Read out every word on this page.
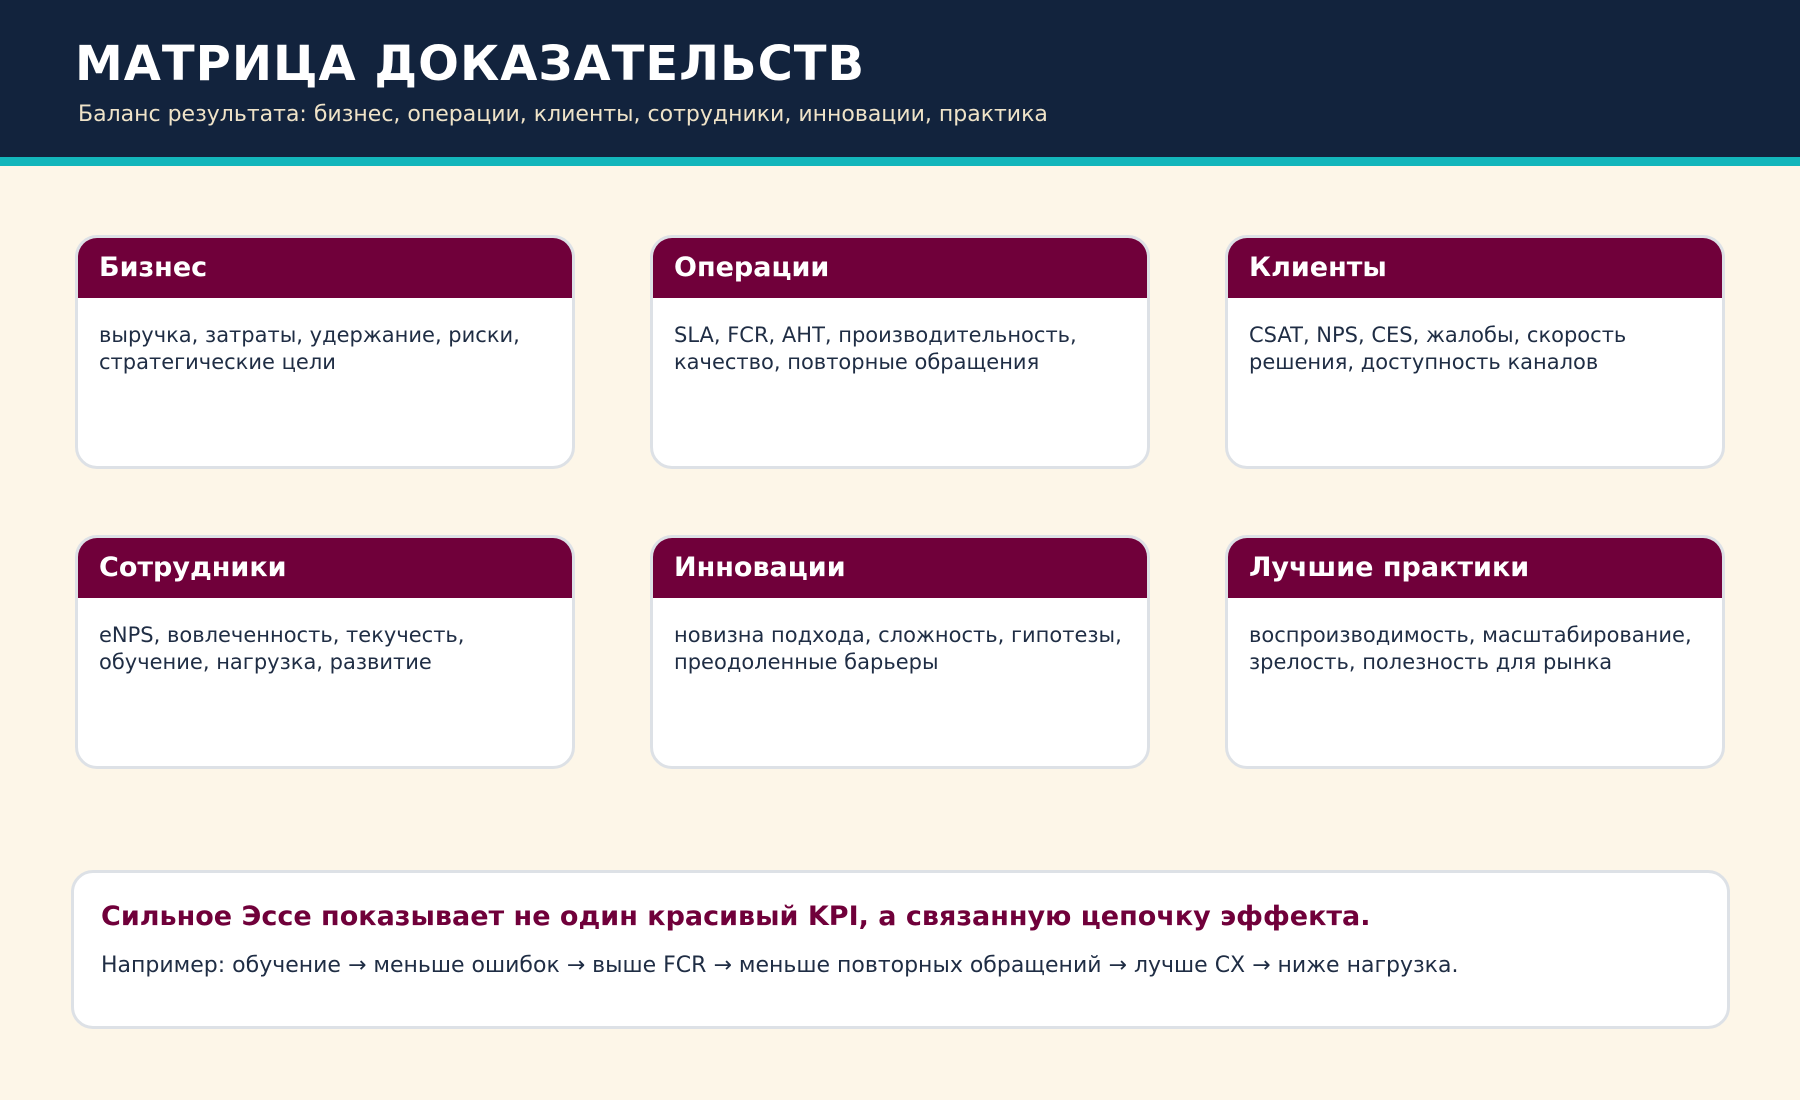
МАТРИЦА ДОКАЗАТЕЛЬСТВ
Баланс результата: бизнес, операции, клиенты, сотрудники, инновации, практика
Бизнес
выручка, затраты, удержание, риски, стратегические цели
Операции
SLA, FCR, AHT, производительность, качество, повторные обращения
Клиенты
CSAT, NPS, CES, жалобы, скорость решения, доступность каналов
Сотрудники
eNPS, вовлеченность, текучесть, обучение, нагрузка, развитие
Инновации
новизна подхода, сложность, гипотезы, преодоленные барьеры
Лучшие практики
воспроизводимость, масштабирование, зрелость, полезность для рынка
Сильное Эссе показывает не один красивый KPI, а связанную цепочку эффекта.
Например: обучение → меньше ошибок → выше FCR → меньше повторных обращений → лучше CX → ниже нагрузка.
